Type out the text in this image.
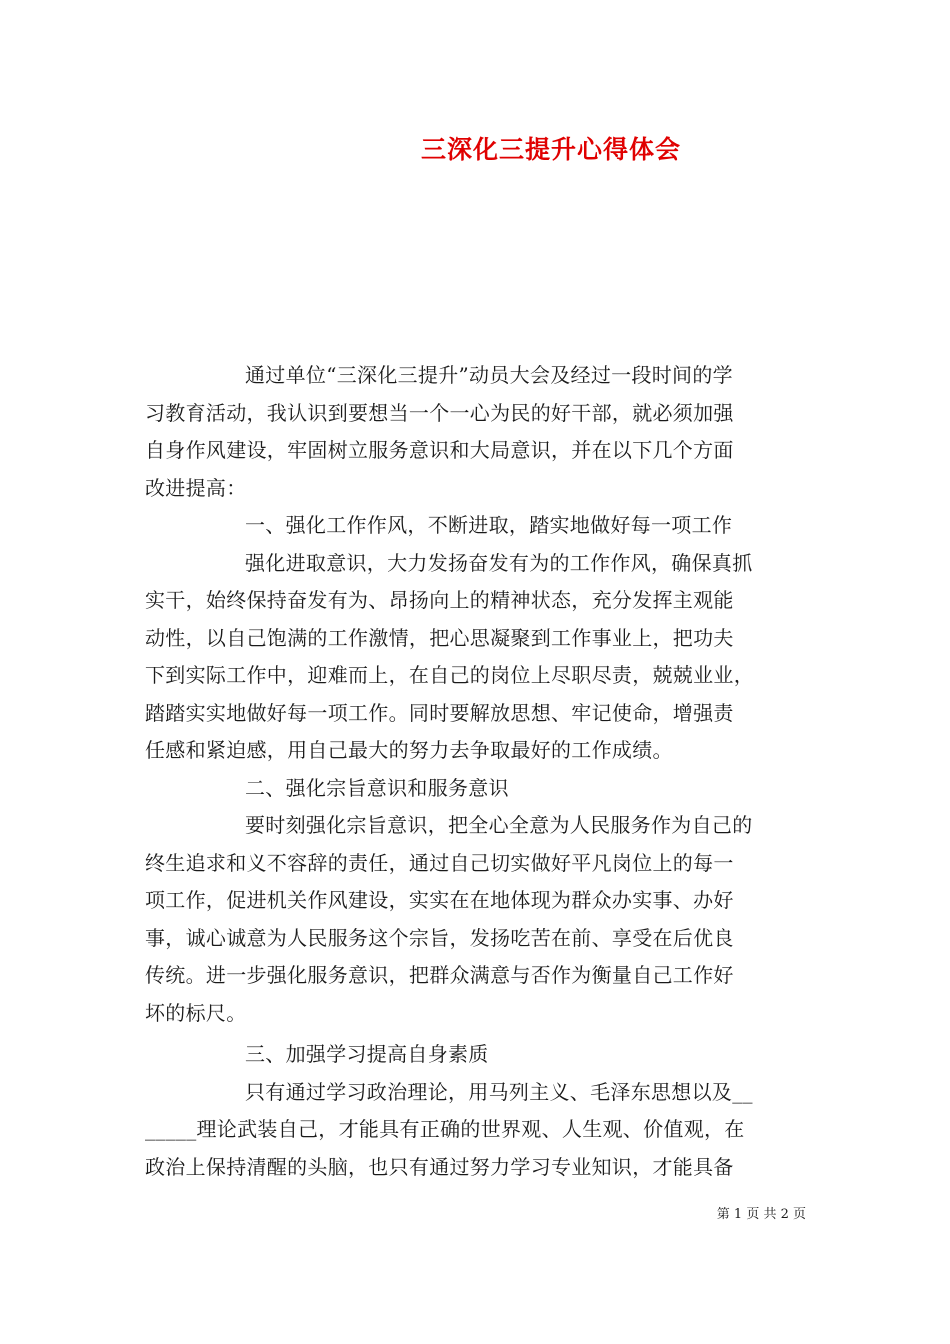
三深化三提升心得体会
通过单位“三深化三提升”动员大会及经过一段时间的学
习教育活动，我认识到要想当一个一心为民的好干部，就必须加强
自身作风建设，牢固树立服务意识和大局意识，并在以下几个方面
改进提高：
一、强化工作作风，不断进取，踏实地做好每一项工作
强化进取意识，大力发扬奋发有为的工作作风，确保真抓
实干，始终保持奋发有为、昂扬向上的精神状态，充分发挥主观能
动性，以自己饱满的工作激情，把心思凝聚到工作事业上，把功夫
下到实际工作中，迎难而上，在自己的岗位上尽职尽责，兢兢业业，
踏踏实实地做好每一项工作。同时要解放思想、牢记使命，增强责
任感和紧迫感，用自己最大的努力去争取最好的工作成绩。
二、强化宗旨意识和服务意识
要时刻强化宗旨意识，把全心全意为人民服务作为自己的
终生追求和义不容辞的责任，通过自己切实做好平凡岗位上的每一
项工作，促进机关作风建设，实实在在地体现为群众办实事、办好
事，诚心诚意为人民服务这个宗旨，发扬吃苦在前、享受在后优良
传统。进一步强化服务意识，把群众满意与否作为衡量自己工作好
坏的标尺。
三、加强学习提高自身素质
只有通过学习政治理论，用马列主义、毛泽东思想以及__
_____理论武装自己，才能具有正确的世界观、人生观、价值观，在
政治上保持清醒的头脑，也只有通过努力学习专业知识，才能具备
第 1 页 共 2 页
